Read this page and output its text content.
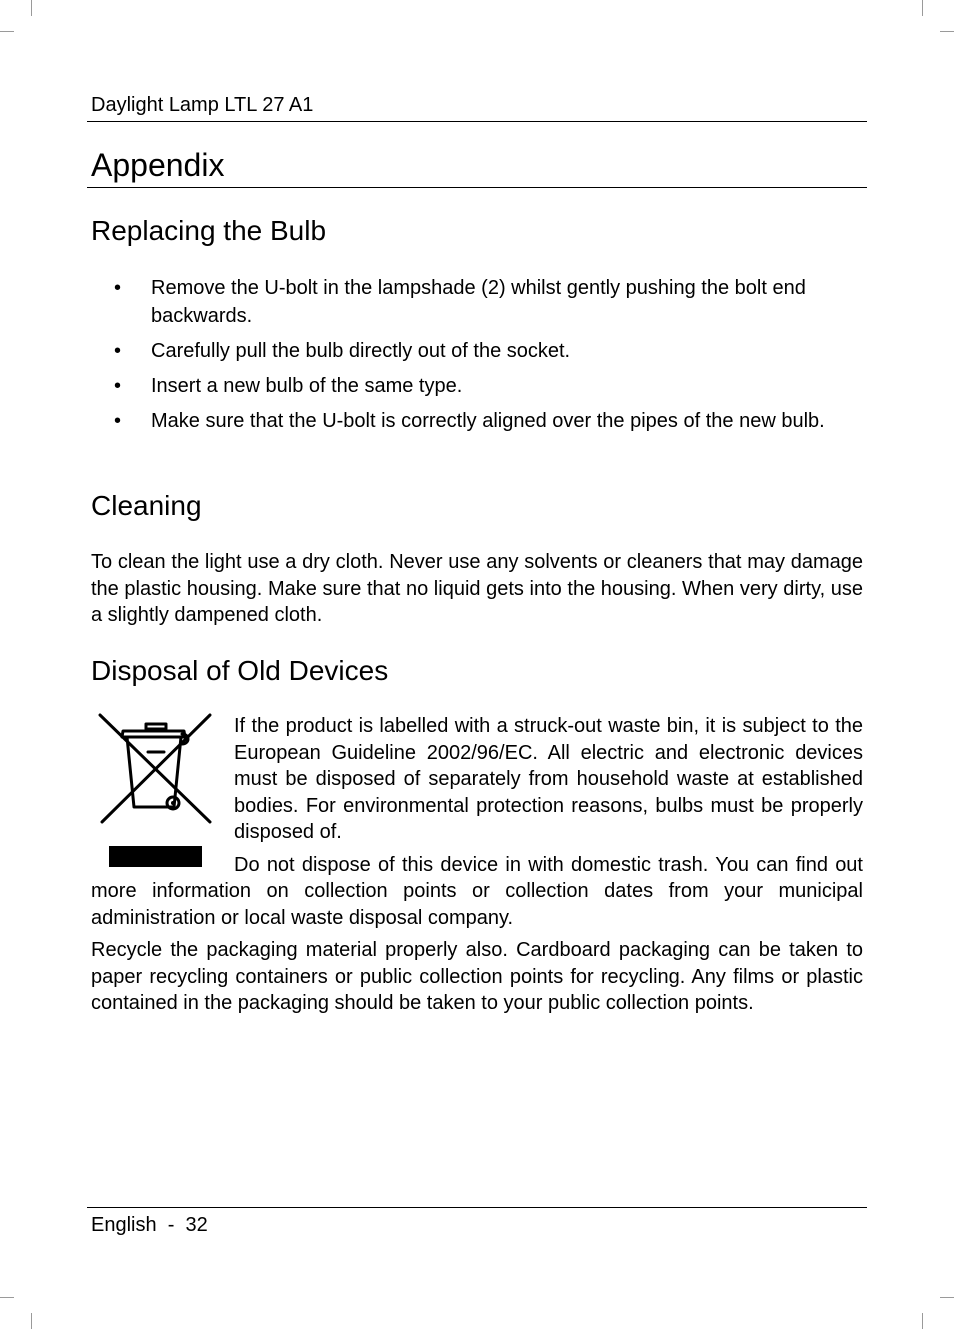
Daylight Lamp LTL 27 A1
Appendix
Replacing the Bulb
• Remove the U-bolt in the lampshade (2) whilst gently pushing the bolt end backwards.
• Carefully pull the bulb directly out of the socket.
• Insert a new bulb of the same type.
• Make sure that the U-bolt is correctly aligned over the pipes of the new bulb.
Cleaning

To clean the light use a dry cloth. Never use any solvents or cleaners that may damage the plastic housing. Make sure that no liquid gets into the housing. When very dirty, use a slightly dampened cloth.

Disposal of Old Devices

If the product is labelled with a struck-out waste bin, it is subject to the European Guideline 2002/96/EC. All electric and electronic devices must be disposed of separately from household waste at established bodies. For environmental protection reasons, bulbs must be properly disposed of.

Do not dispose of this device in with domestic trash. You can find out more information on collection points or collection dates from your municipal administration or local waste disposal company.

Recycle the packaging material properly also. Cardboard packaging can be taken to paper recycling containers or public collection points for recycling. Any films or plastic contained in the packaging should be taken to your public collection points.

English - 32
